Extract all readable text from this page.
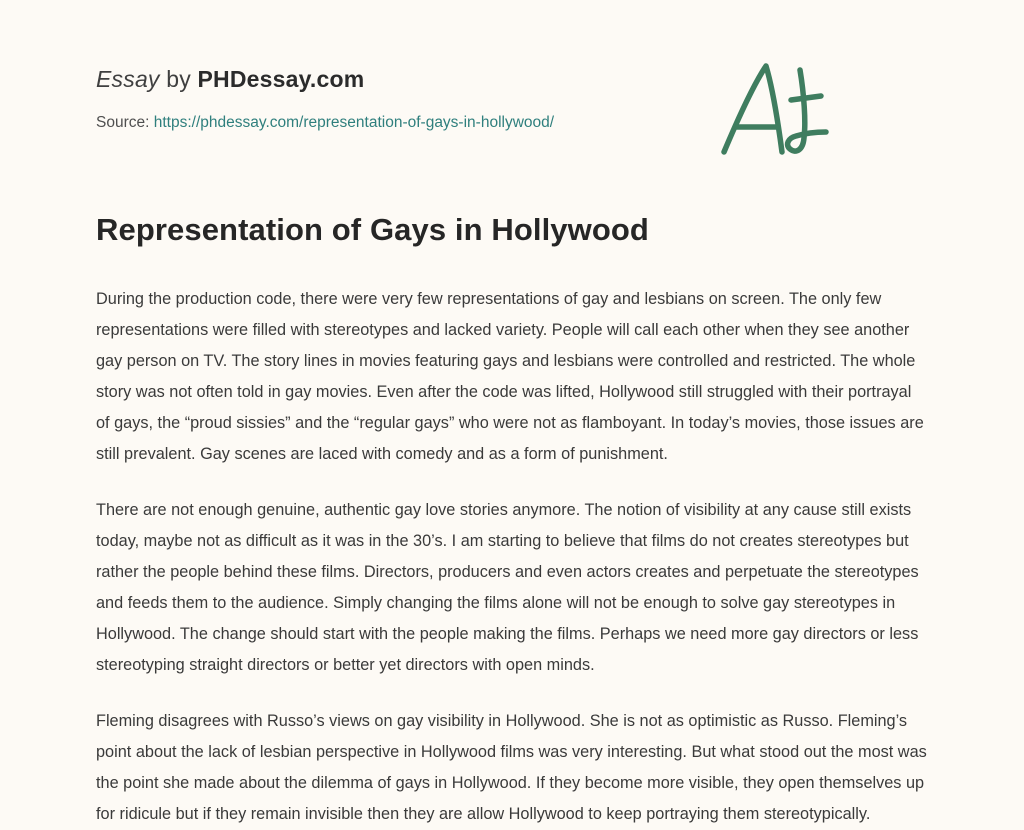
Essay by PHDessay.com
Source: https://phdessay.com/representation-of-gays-in-hollywood/
Representation of Gays in Hollywood

During the production code, there were very few representations of gay and lesbians on screen. The only few representations were filled with stereotypes and lacked variety. People will call each other when they see another gay person on TV. The story lines in movies featuring gays and lesbians were controlled and restricted. The whole story was not often told in gay movies. Even after the code was lifted, Hollywood still struggled with their portrayal of gays, the “proud sissies” and the “regular gays” who were not as flamboyant. In today’s movies, those issues are still prevalent. Gay scenes are laced with comedy and as a form of punishment.

There are not enough genuine, authentic gay love stories anymore. The notion of visibility at any cause still exists today, maybe not as difficult as it was in the 30’s. I am starting to believe that films do not creates stereotypes but rather the people behind these films. Directors, producers and even actors creates and perpetuate the stereotypes and feeds them to the audience. Simply changing the films alone will not be enough to solve gay stereotypes in Hollywood. The change should start with the people making the films. Perhaps we need more gay directors or less stereotyping straight directors or better yet directors with open minds.

Fleming disagrees with Russo’s views on gay visibility in Hollywood. She is not as optimistic as Russo. Fleming’s point about the lack of lesbian perspective in Hollywood films was very interesting. But what stood out the most was the point she made about the dilemma of gays in Hollywood. If they become more visible, they open themselves up for ridicule but if they remain invisible then they are allow Hollywood to keep portraying them stereotypically.
